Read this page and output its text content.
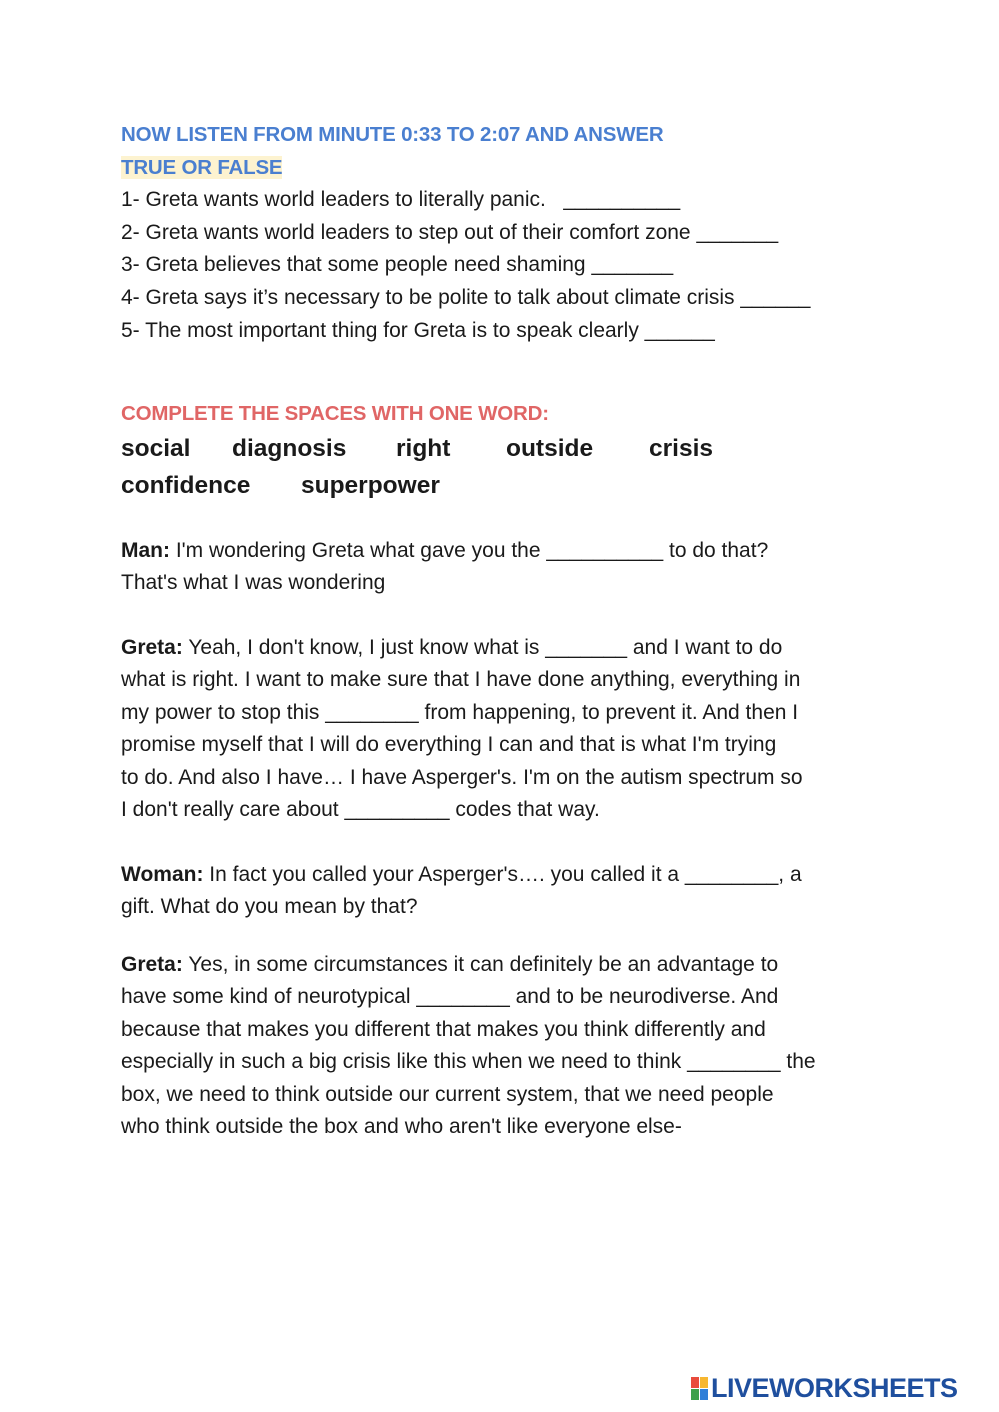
NOW LISTEN FROM MINUTE 0:33 TO 2:07 AND ANSWER
TRUE OR FALSE
1- Greta wants world leaders to literally panic.   __________
2- Greta wants world leaders to step out of their comfort zone _______
3- Greta believes that some people need shaming _______
4- Greta says it’s necessary to be polite to talk about climate crisis ______
5- The most important thing for Greta is to speak clearly ______
COMPLETE THE SPACES WITH ONE WORD:
social	diagnosis	right	outside	crisis
confidence	superpower

Man: I'm wondering Greta what gave you the __________ to do that?
That's what I was wondering

Greta: Yeah, I don't know, I just know what is _______ and I want to do
what is right. I want to make sure that I have done anything, everything in
my power to stop this ________ from happening, to prevent it. And then I
promise myself that I will do everything I can and that is what I'm trying
to do. And also I have… I have Asperger's. I'm on the autism spectrum so
I don't really care about _________ codes that way.

Woman: In fact you called your Asperger's…. you called it a ________, a
gift. What do you mean by that?

Greta: Yes, in some circumstances it can definitely be an advantage to
have some kind of neurotypical ________ and to be neurodiverse. And
because that makes you different that makes you think differently and
especially in such a big crisis like this when we need to think ________ the
box, we need to think outside our current system, that we need people
who think outside the box and who aren't like everyone else-

LIVEWORKSHEETS
